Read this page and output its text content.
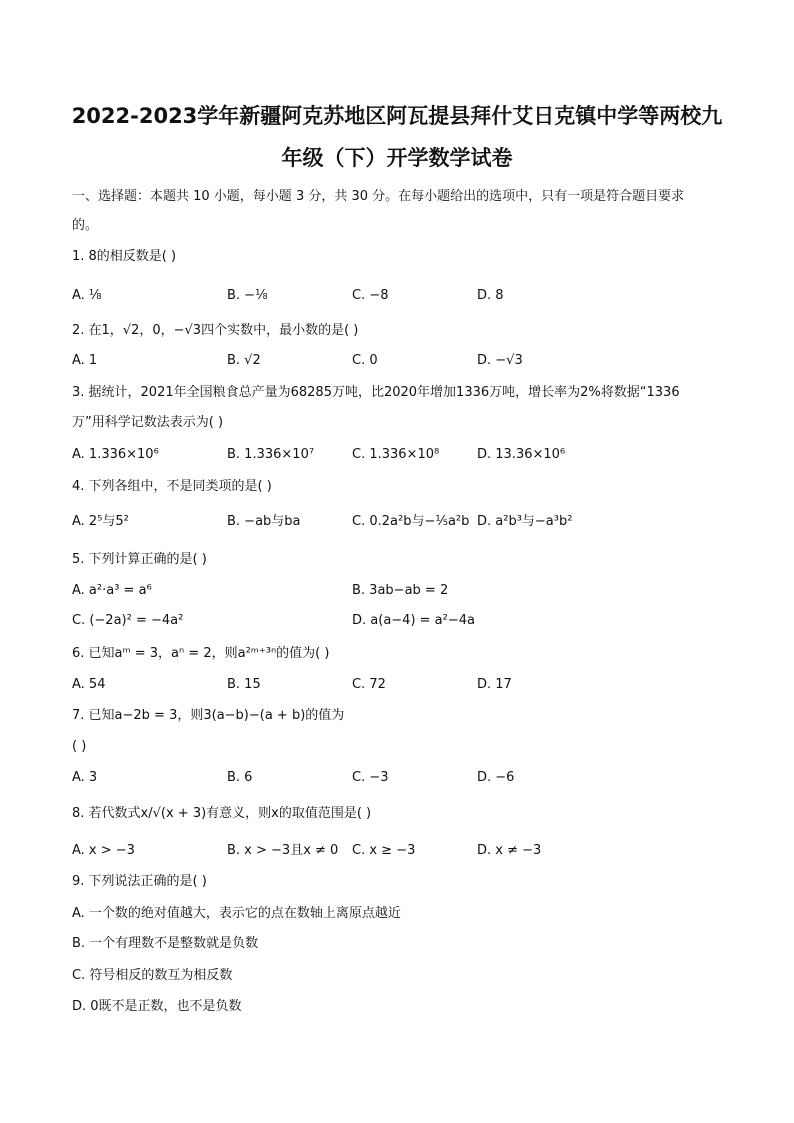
2022-2023学年新疆阿克苏地区阿瓦提县拜什艾日克镇中学等两校九
年级（下）开学数学试卷
一、选择题：本题共 10 小题，每小题 3 分，共 30 分。在每小题给出的选项中，只有一项是符合题目要求
的。
1. 8的相反数是( )
A. ⅛	B. −⅛	C. −8	D. 8
2. 在1，√2，0，−√3四个实数中，最小数的是( )
A. 1	B. √2	C. 0	D. −√3
3. 据统计，2021年全国粮食总产量为68285万吨，比2020年增加1336万吨，增长率为2%将数据“1336
万”用科学记数法表示为( )
A. 1.336×10⁶	B. 1.336×10⁷	C. 1.336×10⁸	D. 13.36×10⁶
4. 下列各组中，不是同类项的是( )
A. 2⁵与5²	B. −ab与ba	C. 0.2a²b与−⅕a²b D. a²b³与−a³b²
5. 下列计算正确的是( )
A. a²·a³ = a⁶	B. 3ab−ab = 2
C. (−2a)² = −4a²	D. a(a−4) = a²−4a
6. 已知aᵐ = 3，aⁿ = 2，则a²ᵐ⁺³ⁿ的值为( )
A. 54	B. 15	C. 72	D. 17
7. 已知a−2b = 3，则3(a−b)−(a + b)的值为
( )
A. 3	B. 6	C. −3	D. −6
8. 若代数式x/√(x + 3)有意义，则x的取值范围是( )
A. x > −3	B. x > −3且x ≠ 0 C. x ≥ −3	D. x ≠ −3
9. 下列说法正确的是( )
A. 一个数的绝对值越大，表示它的点在数轴上离原点越近
B. 一个有理数不是整数就是负数
C. 符号相反的数互为相反数
D. 0既不是正数，也不是负数
